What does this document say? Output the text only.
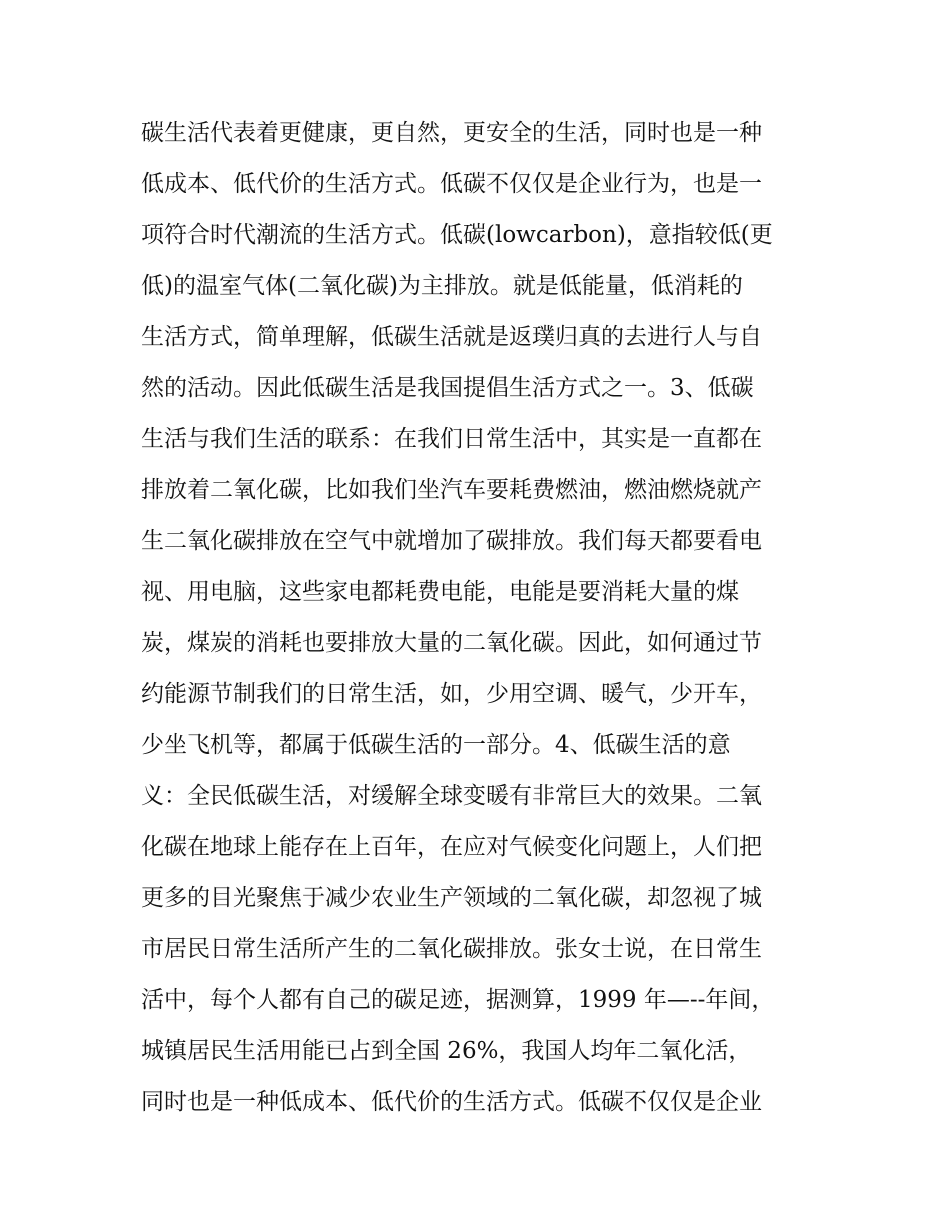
碳生活代表着更健康，更自然，更安全的生活，同时也是一种
低成本、低代价的生活方式。低碳不仅仅是企业行为，也是一
项符合时代潮流的生活方式。低碳(lowcarbon)，意指较低(更
低)的温室气体(二氧化碳)为主排放。就是低能量，低消耗的
生活方式，简单理解，低碳生活就是返璞归真的去进行人与自
然的活动。因此低碳生活是我国提倡生活方式之一。3、低碳
生活与我们生活的联系：在我们日常生活中，其实是一直都在
排放着二氧化碳，比如我们坐汽车要耗费燃油，燃油燃烧就产
生二氧化碳排放在空气中就增加了碳排放。我们每天都要看电
视、用电脑，这些家电都耗费电能，电能是要消耗大量的煤
炭，煤炭的消耗也要排放大量的二氧化碳。因此，如何通过节
约能源节制我们的日常生活，如，少用空调、暖气，少开车，
少坐飞机等，都属于低碳生活的一部分。4、低碳生活的意
义：全民低碳生活，对缓解全球变暖有非常巨大的效果。二氧
化碳在地球上能存在上百年，在应对气候变化问题上，人们把
更多的目光聚焦于减少农业生产领域的二氧化碳，却忽视了城
市居民日常生活所产生的二氧化碳排放。张女士说，在日常生
活中，每个人都有自己的碳足迹，据测算，1999 年—--年间，
城镇居民生活用能已占到全国 26%，我国人均年二氧化活，
同时也是一种低成本、低代价的生活方式。低碳不仅仅是企业
